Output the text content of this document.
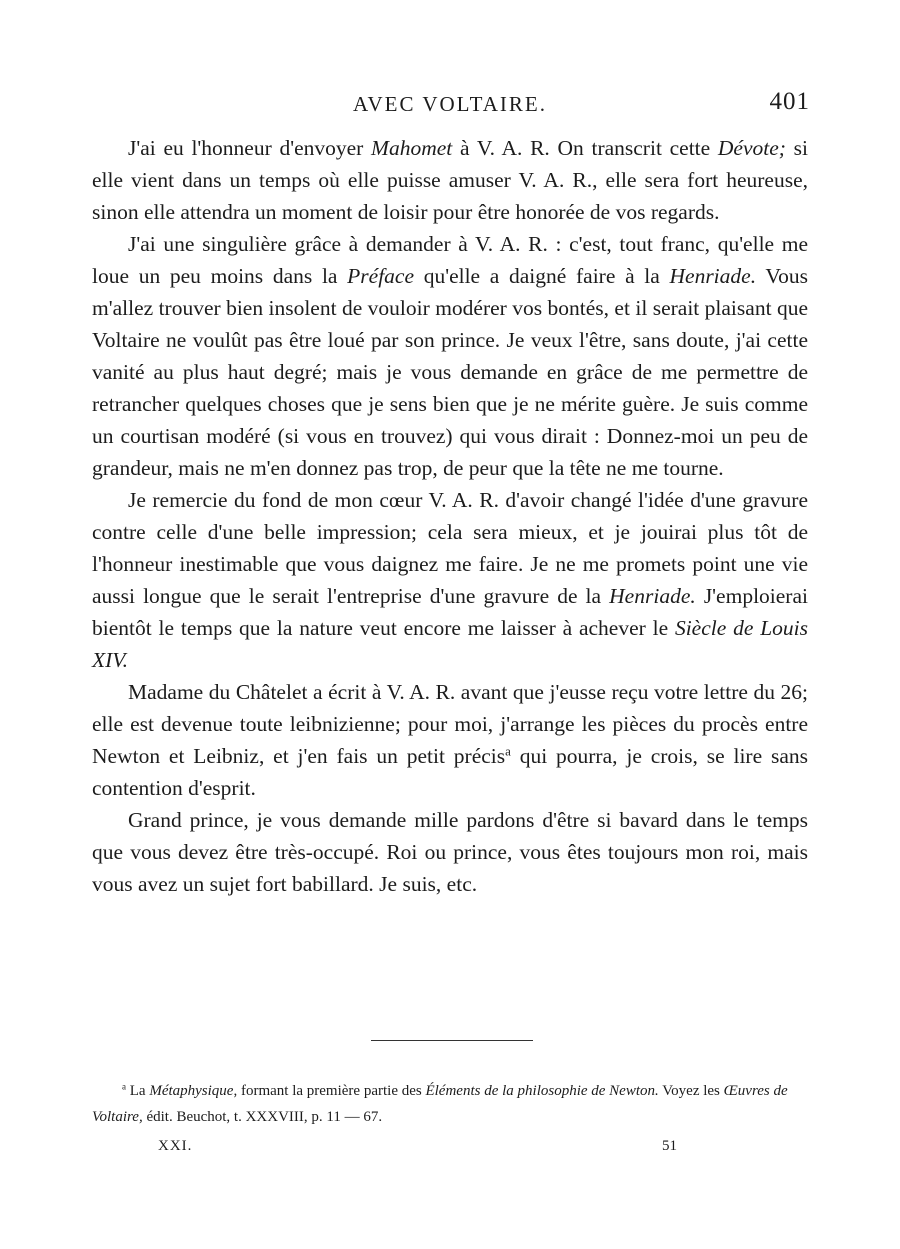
AVEC VOLTAIRE.	401

J'ai eu l'honneur d'envoyer Mahomet à V. A. R. On transcrit cette Dévote; si elle vient dans un temps où elle puisse amuser V. A. R., elle sera fort heureuse, sinon elle attendra un moment de loisir pour être honorée de vos regards.

J'ai une singulière grâce à demander à V. A. R. : c'est, tout franc, qu'elle me loue un peu moins dans la Préface qu'elle a daigné faire à la Henriade. Vous m'allez trouver bien insolent de vouloir modérer vos bontés, et il serait plaisant que Voltaire ne voulût pas être loué par son prince. Je veux l'être, sans doute, j'ai cette vanité au plus haut degré; mais je vous demande en grâce de me permettre de retrancher quelques choses que je sens bien que je ne mérite guère. Je suis comme un courtisan modéré (si vous en trouvez) qui vous dirait : Donnez-moi un peu de grandeur, mais ne m'en donnez pas trop, de peur que la tête ne me tourne.

Je remercie du fond de mon cœur V. A. R. d'avoir changé l'idée d'une gravure contre celle d'une belle impression; cela sera mieux, et je jouirai plus tôt de l'honneur inestimable que vous daignez me faire. Je ne me promets point une vie aussi longue que le serait l'entreprise d'une gravure de la Henriade. J'emploierai bientôt le temps que la nature veut encore me laisser à achever le Siècle de Louis XIV.

Madame du Châtelet a écrit à V. A. R. avant que j'eusse reçu votre lettre du 26; elle est devenue toute leibnizienne; pour moi, j'arrange les pièces du procès entre Newton et Leibniz, et j'en fais un petit précis$^a$ qui pourra, je crois, se lire sans contention d'esprit.

Grand prince, je vous demande mille pardons d'être si bavard dans le temps que vous devez être très-occupé. Roi ou prince, vous êtes toujours mon roi, mais vous avez un sujet fort babillard. Je suis, etc.

$^a$ La Métaphysique, formant la première partie des Éléments de la philosophie de Newton. Voyez les Œuvres de Voltaire, édit. Beuchot, t. XXXVIII, p. 11 — 67.

XXI.	51
